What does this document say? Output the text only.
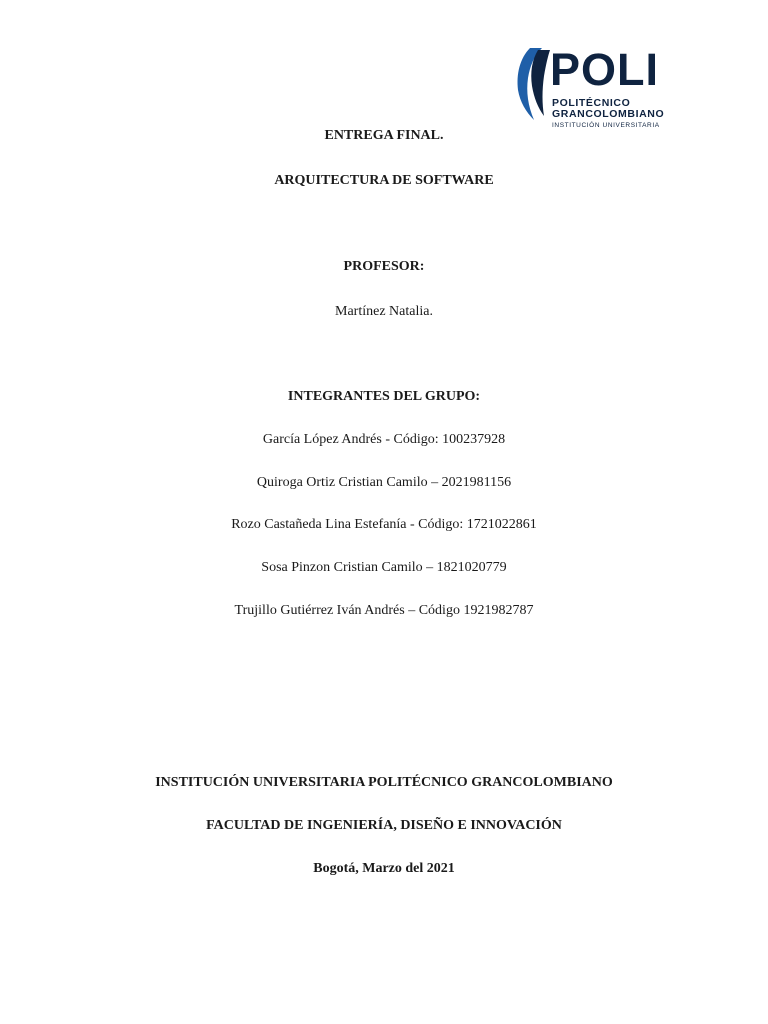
POLI
POLITÉCNICO
GRANCOLOMBIANO
INSTITUCIÓN UNIVERSITARIA
ENTREGA FINAL.
ARQUITECTURA DE SOFTWARE
PROFESOR:
Martínez Natalia.
INTEGRANTES DEL GRUPO:
García López Andrés - Código: 100237928
Quiroga Ortiz Cristian Camilo – 2021981156
Rozo Castañeda Lina Estefanía - Código: 1721022861
Sosa Pinzon Cristian Camilo – 1821020779
Trujillo Gutiérrez Iván Andrés – Código 1921982787
INSTITUCIÓN UNIVERSITARIA POLITÉCNICO GRANCOLOMBIANO
FACULTAD DE INGENIERÍA, DISEÑO E INNOVACIÓN
Bogotá, Marzo del 2021
